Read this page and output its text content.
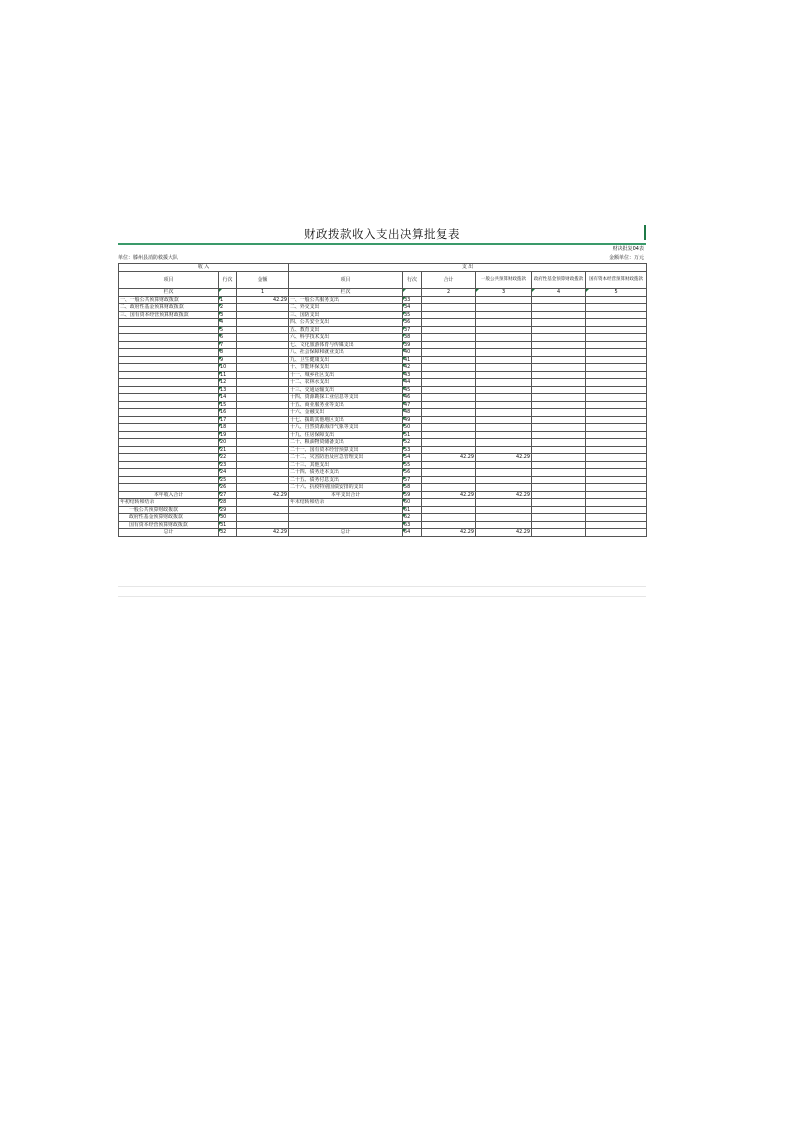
财政拨款收入支出决算批复表
财决批复04表
单位：滕州县消防救援大队	金额单位：万元
收 入			支 出					
项目	行次	金额	项目	行次	合计	一般公共预算财政拨款	政府性基金预算财政拨款	国有资本经营预算财政拨款
栏次		1	栏次		2	3	4	5
一、一般公共预算财政拨款	1	42.29	一、一般公共服务支出	33				
二、政府性基金预算财政拨款	2		二、外交支出	34				
三、国有资本经营预算财政拨款	3		三、国防支出	35				
	4		四、公共安全支出	36				
	5		五、教育支出	37				
	6		六、科学技术支出	38				
	7		七、文化旅游体育与传媒支出	39				
	8		八、社会保障和就业支出	40				
	9		九、卫生健康支出	41				
	10		十、节能环保支出	42				
	11		十一、城乡社区支出	43				
	12		十二、农林水支出	44				
	13		十三、交通运输支出	45				
	14		十四、资源勘探工业信息等支出	46				
	15		十五、商业服务业等支出	47				
	16		十六、金融支出	48				
	17		十七、援助其他地区支出	49				
	18		十八、自然资源海洋气象等支出	50				
	19		十九、住房保障支出	51				
	20		二十、粮油物资储备支出	52				
	21		二十一、国有资本经营预算支出	53				
	22		二十二、灾害防治及应急管理支出	54	42.29	42.29		
	23		二十三、其他支出	55				
	24		二十四、债务还本支出	56				
	25		二十五、债务付息支出	57				
	26		二十六、抗疫特别国债安排的支出	58				
本年收入合计	27	42.29	本年支出合计	59	42.29	42.29		
年初结转和结余	28		年末结转和结余	60				
一般公共预算财政拨款	29			61				
政府性基金预算财政拨款	30			62				
国有资本经营预算财政拨款	31			63				
总计	32	42.29	总计	64	42.29	42.29		
